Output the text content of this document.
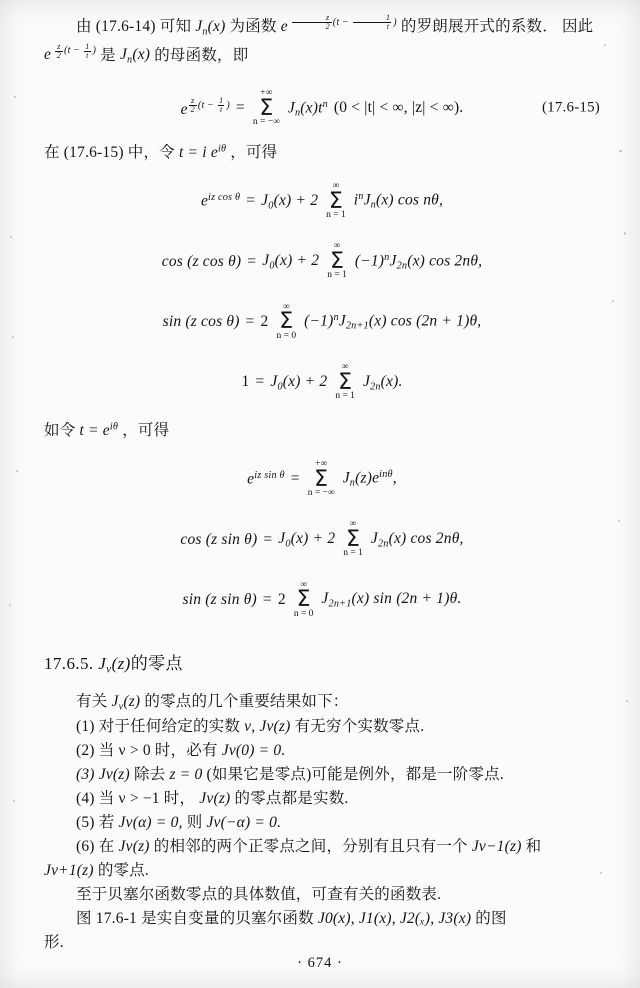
由 (17.6-14) 可知 $J_n(x)$ 为函数 e $^{\frac{z}{2} (t - \frac{1}{t} )}$ 的罗朗展开式的系数． 因此

e $^{\frac{z}{2} (t - \frac{1}{t} )}$ 是 $J_n(x)$ 的母函数，即

e $^{\frac{z}{2} (t - \frac{1}{t} )}$ =
+∞
Σ
n = −∞
$J_n(x)t^n$ (0 < |t| < ∞, |z| < ∞).	(17.6-15)

在 (17.6-15) 中，令 t = i $e^{i\theta}$ ，可得

$e^{iz cos \theta} = J_0(x) + 2$
∞
Σ
n = 1
$i^nJ_n(x)$ cos nθ,
cos (z $\cos \theta) = J_0(x) + 2$
∞
Σ
n = 1
$(-1)^nJ_{2n}(x)$ cos 2nθ,
sin (z cos θ) = 2
∞
Σ
n = 0
$(-1)^nJ_{2n+1}(x)$ cos (2n + 1)θ,
$1 = J_0(x) + 2$
∞
Σ
n = 1
$J_{2n}(x)$.

如令 $t = e^{i\theta}$ ，可得

$e^{iz sin \theta}$ =
+∞
Σ
n = −∞
$J_n(z)e^{in\theta}$,
cos (z $\sin \theta) = J_0(x) + 2$
∞
Σ
n = 1
$J_{2n}(x)$ cos 2nθ,
sin (z sin θ) = 2
∞
Σ
n = 0
$J_{2n+1}(x)$ sin (2n + 1)θ.
17.6.5. $J_\nu(z)$的零点

有关 $J_\nu(z)$ 的零点的几个重要结果如下：

(1) 对于任何给定的实数 ν, Jν(z) 有无穷个实数零点.

(2) 当 ν > 0 时，必有 Jν(0) = 0.

(3) Jν(z) 除去 z = 0 (如果它是零点)可能是例外，都是一阶零点.

(4) 当 ν > −1 时， Jν(z) 的零点都是实数.

(5) 若 Jν(α) = 0, 则 Jν(−α) = 0.

(6) 在 Jν(z) 的相邻的两个正零点之间，分别有且只有一个 Jν−1(z) 和

Jν+1(z) 的零点.

至于贝塞尔函数零点的具体数值，可查有关的函数表.

图 17.6-1 是实自变量的贝塞尔函数 J0(x), J1(x), J2(ₓ), J3(x) 的图

形.

· 674 ·
